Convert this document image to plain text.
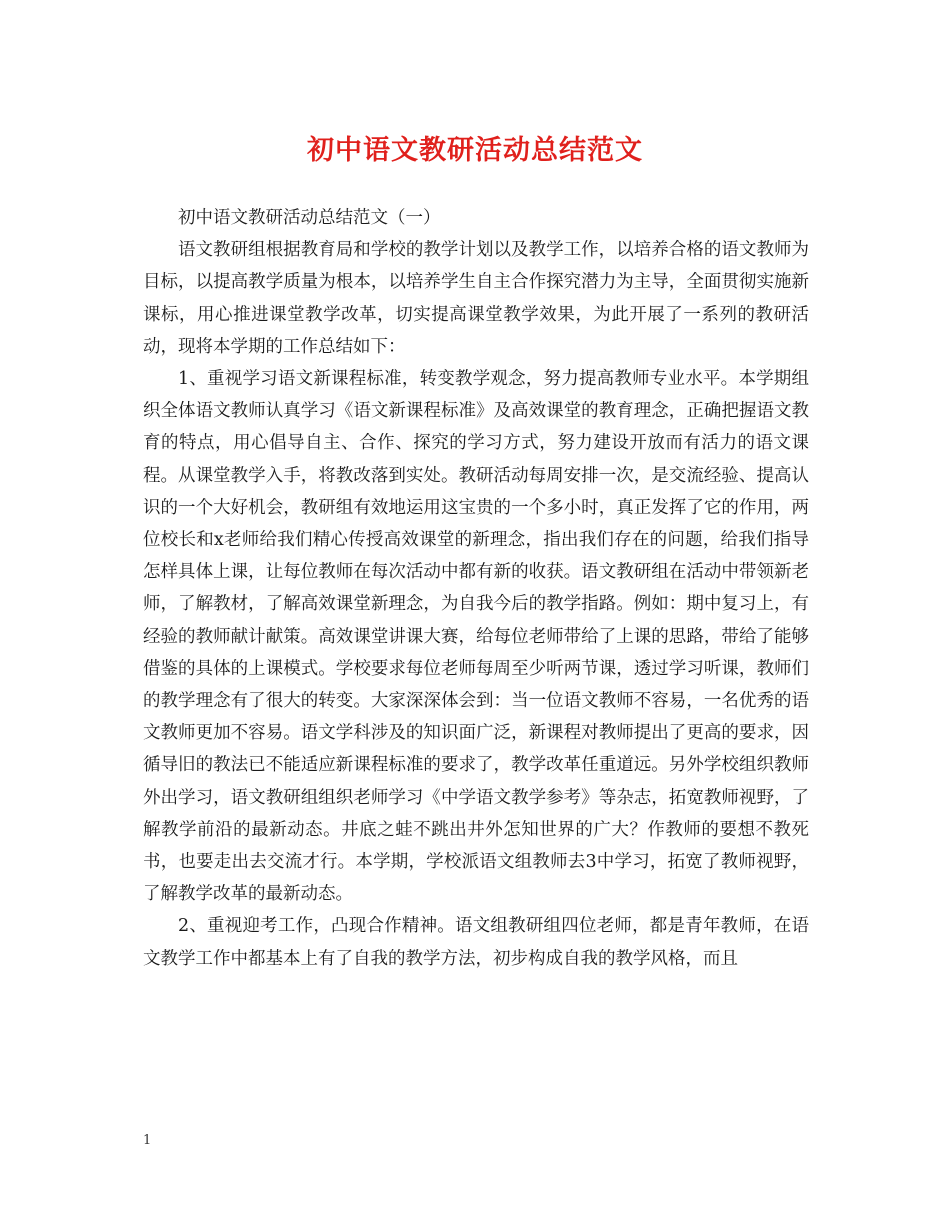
初中语文教研活动总结范文

初中语文教研活动总结范文（一）

语文教研组根据教育局和学校的教学计划以及教学工作，以培养合格的语文教师为目标，以提高教学质量为根本，以培养学生自主合作探究潜力为主导，全面贯彻实施新课标，用心推进课堂教学改革，切实提高课堂教学效果，为此开展了一系列的教研活动，现将本学期的工作总结如下：

1、重视学习语文新课程标准，转变教学观念，努力提高教师专业水平。本学期组织全体语文教师认真学习《语文新课程标准》及高效课堂的教育理念，正确把握语文教育的特点，用心倡导自主、合作、探究的学习方式，努力建设开放而有活力的语文课程。从课堂教学入手，将教改落到实处。教研活动每周安排一次，是交流经验、提高认识的一个大好机会，教研组有效地运用这宝贵的一个多小时，真正发挥了它的作用，两位校长和x老师给我们精心传授高效课堂的新理念，指出我们存在的问题，给我们指导怎样具体上课，让每位教师在每次活动中都有新的收获。语文教研组在活动中带领新老师，了解教材，了解高效课堂新理念，为自我今后的教学指路。例如：期中复习上，有经验的教师献计献策。高效课堂讲课大赛，给每位老师带给了上课的思路，带给了能够借鉴的具体的上课模式。学校要求每位老师每周至少听两节课，透过学习听课，教师们的教学理念有了很大的转变。大家深深体会到：当一位语文教师不容易，一名优秀的语文教师更加不容易。语文学科涉及的知识面广泛，新课程对教师提出了更高的要求，因循导旧的教法已不能适应新课程标准的要求了，教学改革任重道远。另外学校组织教师外出学习，语文教研组组织老师学习《中学语文教学参考》等杂志，拓宽教师视野，了解教学前沿的最新动态。井底之蛙不跳出井外怎知世界的广大？作教师的要想不教死书，也要走出去交流才行。本学期，学校派语文组教师去3中学习，拓宽了教师视野，了解教学改革的最新动态。

2、重视迎考工作，凸现合作精神。语文组教研组四位老师，都是青年教师，在语文教学工作中都基本上有了自我的教学方法，初步构成自我的教学风格，而且

1
